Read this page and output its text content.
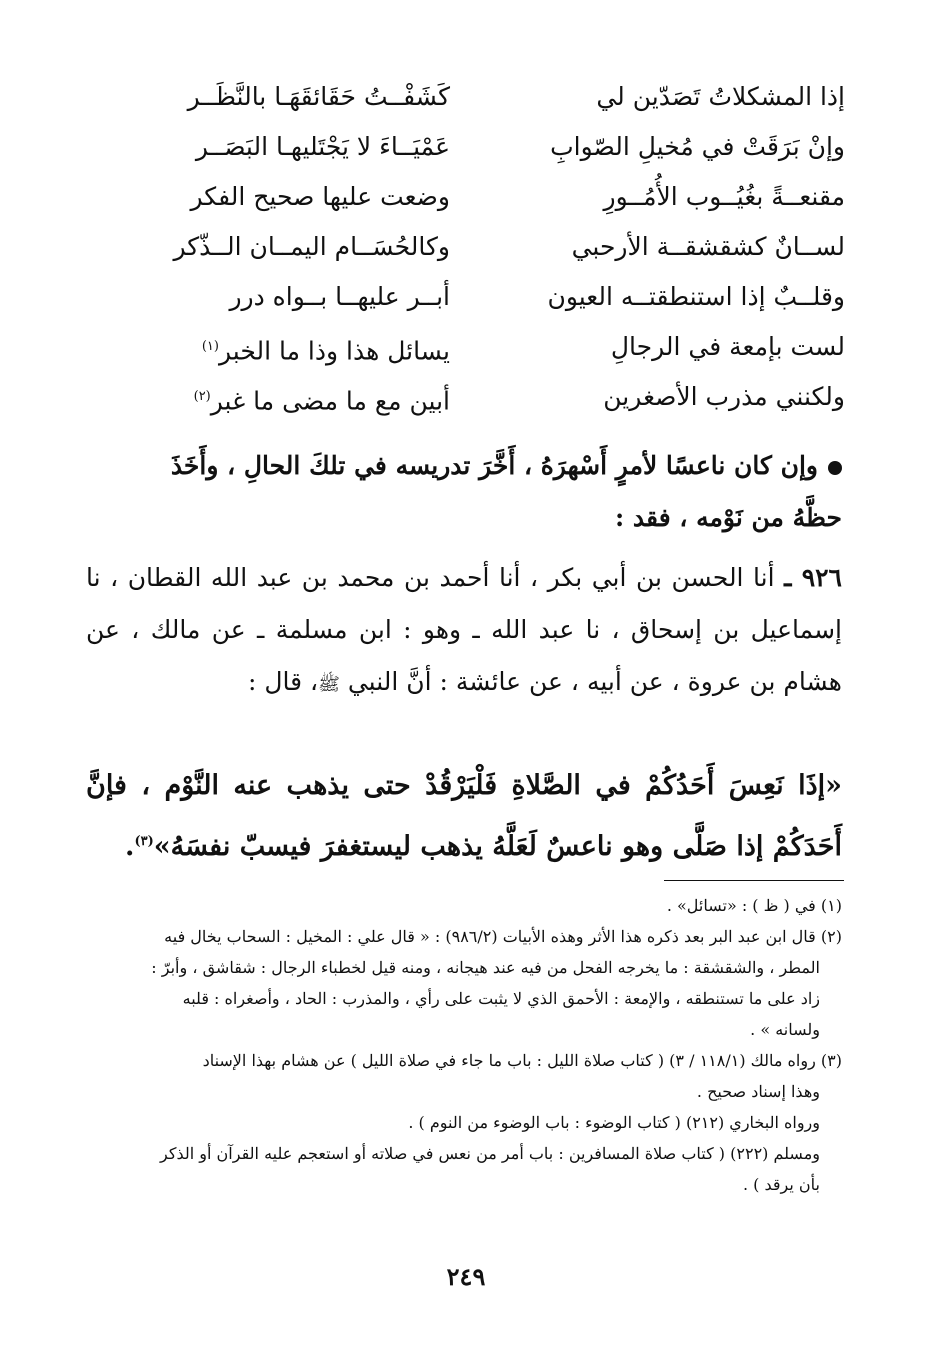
إذا المشكلاتُ تَصَدّين لي
كَشَفْــتُ حَقَائقَهَـا بالنَّظَــر
وإنْ بَرَقَتْ في مُخيلِ الصّوابِ
عَمْيَــاءَ لا يَجْتَليهـا البَصَــر
مقنعــةً بغُيُــوب الأُمُــورِ
وضعت عليها صحيح الفكر
لســانٌ كشقشقــة الأرحبي
وكالحُسَــام اليمــان الــذّكر
وقلــبٌ إذا استنطقتــه العيون
أبــر عليهــا بــواه درر
لست بإمعة في الرجالِ
يسائل هذا وذا ما الخبر$^{(١)}$
ولكنني مذرب الأصغرين
أبين مع ما مضى ما غبر$^{(٢)}$
وإن كان ناعسًا لأمرٍ أَسْهرَهُ ، أَخَّرَ تدريسه في تلكَ الحالِ ، وأَخَذَ
حظَّهُ من نَوْمه ، فقد :
٩٢٦ ـ أنا الحسن بن أبي بكر ، أنا أحمد بن محمد بن عبد الله القطان ، نا إسماعيل بن إسحاق ، نا عبد الله ـ وهو : ابن مسلمة ـ عن مالك ، عن هشام بن عروة ، عن أبيه ، عن عائشة : أنَّ النبي ﷺ، قال :
«إذَا نَعِسَ أَحَدُكُمْ في الصَّلاةِ فَلْيَرْقُدْ حتى يذهب عنه النَّوْم ، فإنَّ أَحَدَكُمْ إذا صَلَّى وهو ناعسٌ لَعَلَّهُ يذهب ليستغفرَ فيسبّ نفسَهُ»$^{(٣)}$.

(١) في ( ظ ) : «تسائل» .

(٢) قال ابن عبد البر بعد ذكره هذا الأثر وهذه الأبيات (٩٨٦/٢) : « قال علي : المخيل : السحاب يخال فيه

المطر ، والشقشقة : ما يخرجه الفحل من فيه عند هيجانه ، ومنه قيل لخطباء الرجال : شقاشق ، وأبرّ :

زاد على ما تستنطقه ، والإمعة : الأحمق الذي لا يثبت على رأي ، والمذرب : الحاد ، وأصغراه : قلبه

ولسانه » .

(٣) رواه مالك (١١٨/١ / ٣) ( كتاب صلاة الليل : باب ما جاء في صلاة الليل ) عن هشام بهذا الإسناد

وهذا إسناد صحيح .

ورواه البخاري (٢١٢) ( كتاب الوضوء : باب الوضوء من النوم ) .

ومسلم (٢٢٢) ( كتاب صلاة المسافرين : باب أمر من نعس في صلاته أو استعجم عليه القرآن أو الذكر

بأن يرقد ) .

٢٤٩
